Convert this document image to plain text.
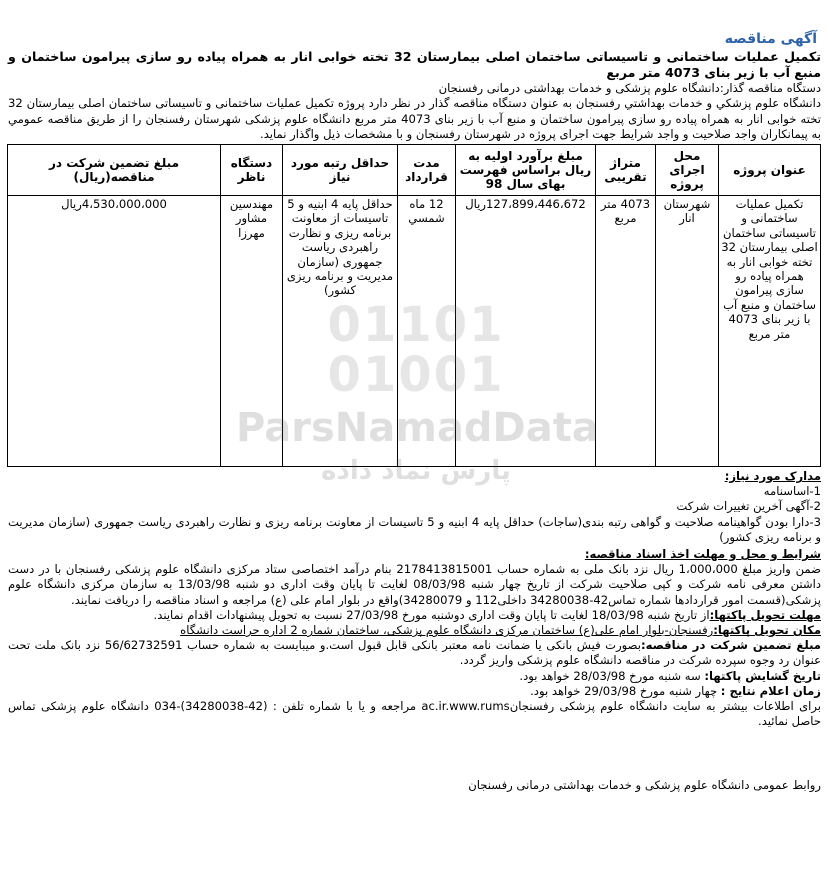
آگهی مناقصه
تکمیل عملیات ساختمانی و تاسیساتی ساختمان اصلی بیمارستان 32 تخته خوابی انار به همراه پیاده رو سازی پیرامون ساختمان و منبع آب با زیر بنای 4073 متر مربع

دستگاه مناقصه گذار:دانشگاه علوم پزشکی و خدمات بهداشتی درمانی رفسنجان

دانشگاه علوم پزشکي و خدمات بهداشتي رفسنجان به عنوان دستگاه مناقصه گذار در نظر دارد پروژه تکمیل عملیات ساختمانی و تاسیساتی ساختمان اصلی بیمارستان 32 تخته خوابی انار به همراه پیاده رو سازی پیرامون ساختمان و منبع آب با زیر بنای 4073 متر مربع دانشگاه علوم پزشکی شهرستان رفسنجان را از طريق مناقصه عمومي به پيمانکاران واجد صلاحيت و واجد شرایط جهت اجرای پروژه در شهرستان رفسنجان و با مشخصات ذيل واگذار نمايد.

عنوان پروژه	محل اجرای پروژه	متراژ تقریبی	مبلغ برآورد اولیه به ریال براساس فهرست بهای سال 98	مدت قرارداد	حداقل رتبه مورد نیاز	دستگاه ناظر	مبلغ تضمین شرکت در مناقصه(ریال)
تکمیل عملیات ساختمانی و تاسیساتی ساختمان اصلی بیمارستان 32 تخته خوابی انار به همراه پیاده رو سازی پیرامون ساختمان و منبع آب با زیر بنای 4073 متر مربع	شهرستان انار	4073 متر مربع	127،899،446،672ریال	12 ماه شمسي	حداقل پایه 4 ابنیه و 5 تاسیسات از معاونت برنامه ریزی و نظارت راهبردی ریاست جمهوری (سازمان مدیریت و برنامه ریزی کشور)	مهندسین مشاور مهرزا	4،530،000،000ریال
مدارک مورد نیاز:

1-اساسنامه

2-آگهی آخرین تغییرات شرکت

3-دارا بودن گواهینامه صلاحیت و گواهی رتبه بندی(ساجات) حداقل پایه 4 ابنیه و 5 تاسیسات از معاونت برنامه ریزی و نظارت راهبردی ریاست جمهوری (سازمان مدیریت و برنامه ریزی کشور)

شرایط و محل و مهلت اخذ اسناد مناقصه:

ضمن واریز مبلغ 1،000،000 ریال نزد بانک ملی به شماره حساب 2178413815001 بنام درآمد اختصاصی ستاد مرکزی دانشگاه علوم پزشکی رفسنجان با در دست داشتن معرفی نامه شرکت و کپی صلاحیت شرکت از تاریخ چهار شنبه 08/03/98 لغایت تا پایان وقت اداری دو شنبه 13/03/98 به سازمان مرکزی دانشگاه علوم پزشکی(قسمت امور قراردادها شماره تماس42-34280038 داخلی112 و 34280079)واقع در بلوار امام علی (ع) مراجعه و اسناد مناقصه را دریافت نمایند.

مهلت تحویل پاکتها:از تاریخ شنبه 18/03/98 لغایت تا پایان وقت اداری دوشنبه مورخ 27/03/98 نسبت به تحویل پیشنهادات اقدام نمایند.

مکان تحویل پاکتها:رفسنجان-بلوار امام علی(ع) ساختمان مرکزی دانشگاه علوم پزشکی، ساختمان شماره 2 اداره حراست دانشگاه

مبلغ تضمین شرکت در مناقصه:بصورت فیش بانکی یا ضمانت نامه معتبر بانکی قابل قبول است.و میبایست به شماره حساب 56/62732591 نزد بانک ملت تحت عنوان رد وجوه سپرده شرکت در مناقصه دانشگاه علوم پزشکی واریز گردد.

تاریخ گشایش پاکتها: سه شنبه مورخ 28/03/98 خواهد بود.

زمان اعلام نتایج : چهار شنبه مورخ 29/03/98 خواهد بود.

برای اطلاعات بیشتر به سایت دانشگاه علوم پزشکی رفسنجانac.ir.www.rums مراجعه و یا با شماره تلفن : (42-34280038)-034 دانشگاه علوم پزشکی تماس حاصل نمائید.

01101
01001
ParsNamadData
پارس نماد داده
روابط عمومی دانشگاه علوم پزشکی و خدمات بهداشتی درمانی رفسنجان
